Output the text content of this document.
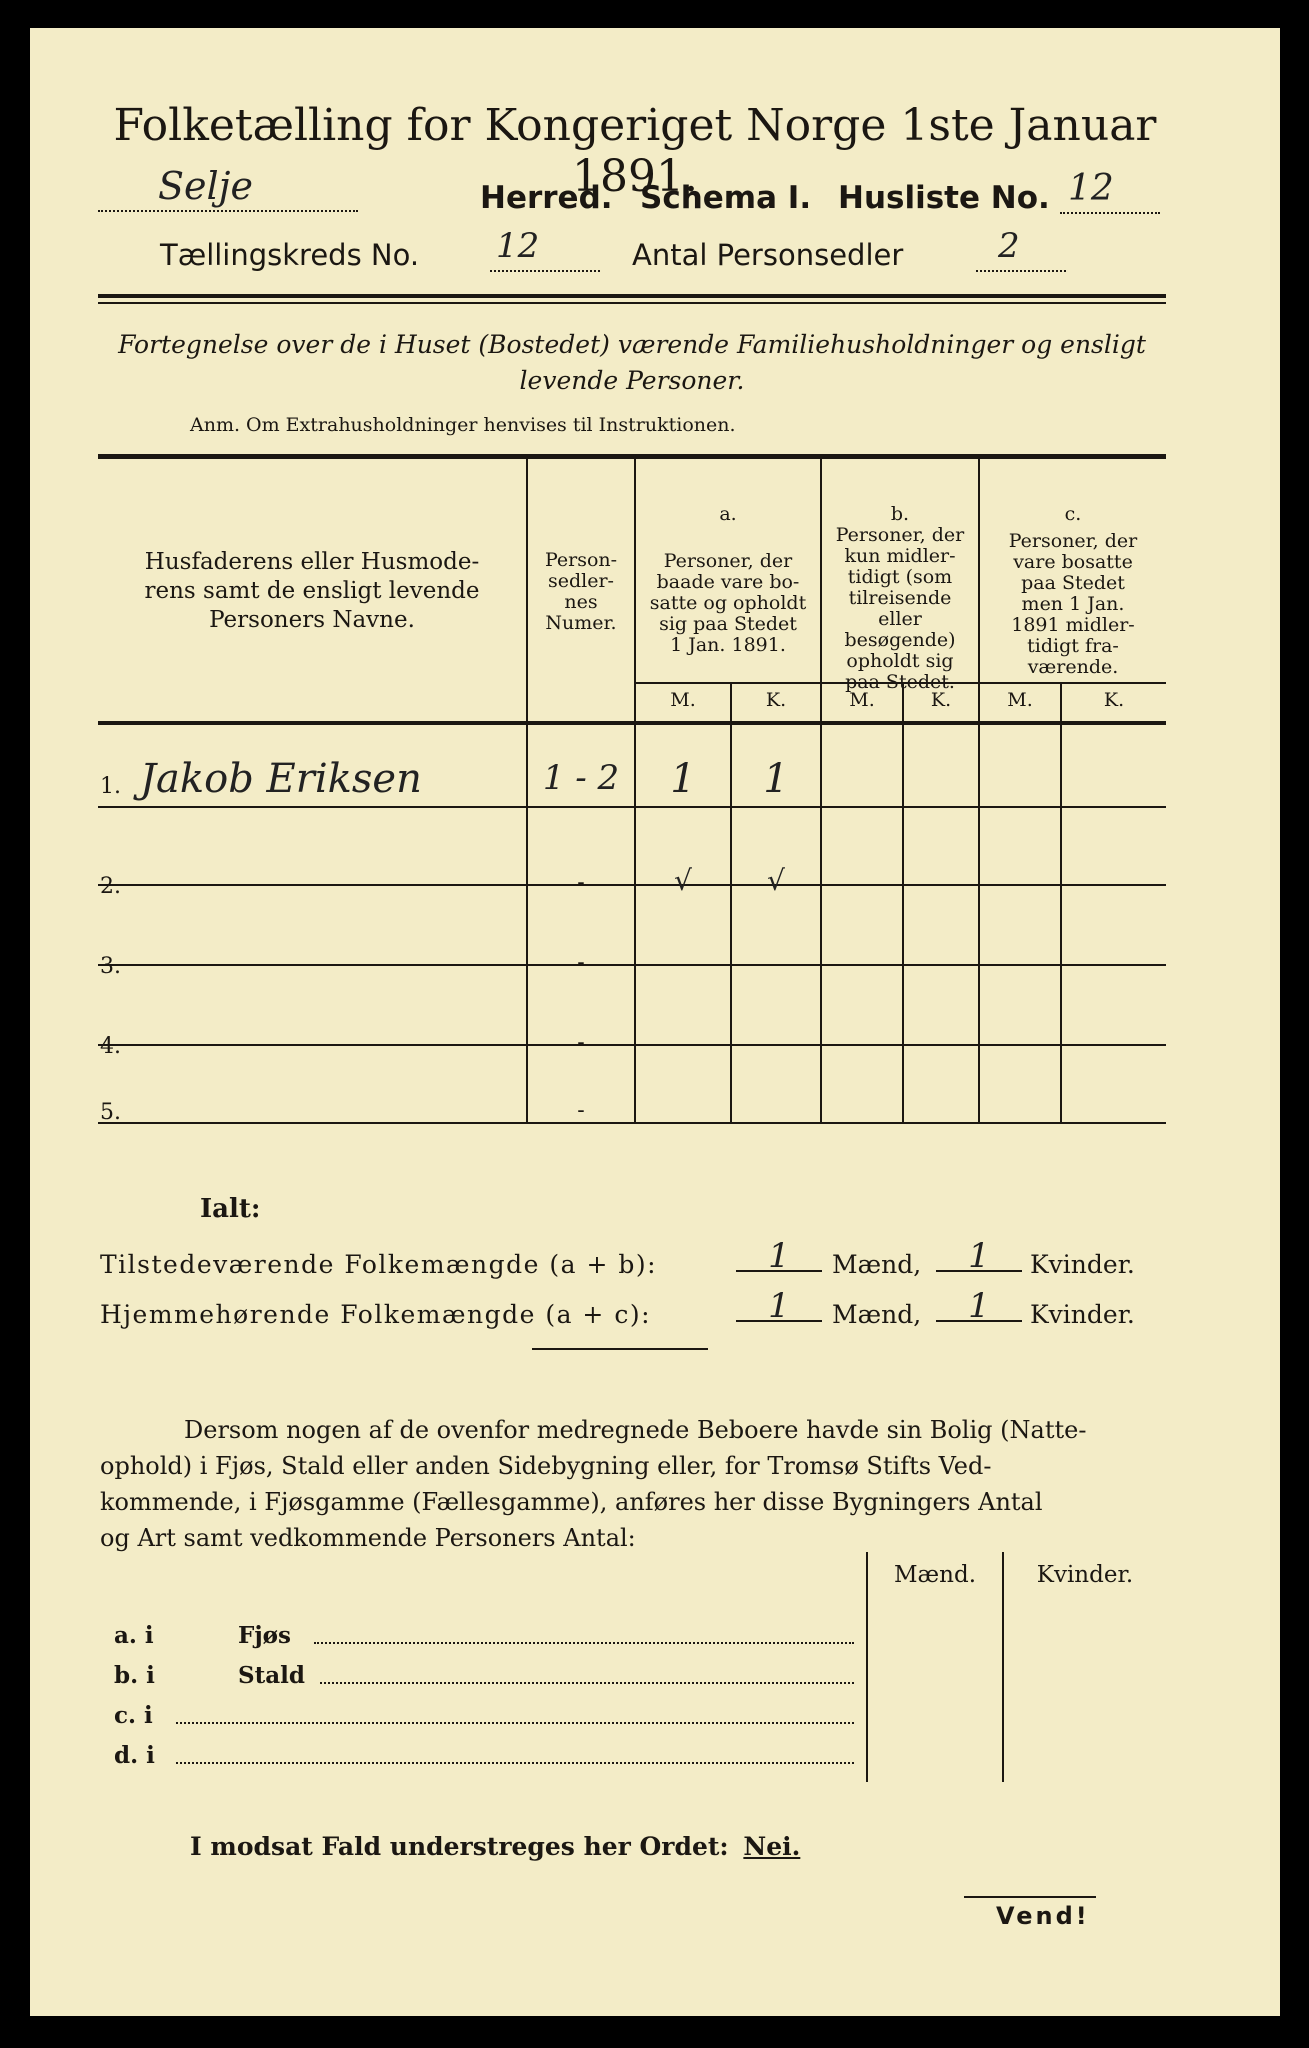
Folketælling for Kongeriget Norge 1ste Januar 1891.
Selje	Herred. Schema I. Husliste No. 12
Tællingskreds No. 12	Antal Personsedler	2
Fortegnelse over de i Huset (Bostedet) værende Familiehusholdninger og ensligt
levende Personer.
Anm. Om Extrahusholdninger henvises til Instruktionen.
Husfaderens eller Husmode-
rens samt de ensligt levende
Personers Navne.
Person-
sedler-
nes
Numer.
a.
Personer, der
baade vare bo-
satte og opholdt
sig paa Stedet
1 Jan. 1891.
b.
Personer, der
kun midler-
tidigt (som
tilreisende
eller
besøgende)
opholdt sig
paa Stedet.
c.
Personer, der
vare bosatte
paa Stedet
men 1 Jan.
1891 midler-
tidigt fra-
værende.
M.	K.	M.	K.	M.	K.
1. Jakob Eriksen	1 - 2	1	1
2.	-	√	√
3.	-
4.	-
5.	-
Ialt:
Tilstedeværende Folkemængde (a + b):	1	Mænd,	1	Kvinder.
Hjemmehørende Folkemængde (a + c):	1	Mænd,	1	Kvinder.
Dersom nogen af de ovenfor medregnede Beboere havde sin Bolig (Natte-
ophold) i Fjøs, Stald eller anden Sidebygning eller, for Tromsø Stifts Ved-
kommende, i Fjøsgamme (Fællesgamme), anføres her disse Bygningers Antal
og Art samt vedkommende Personers Antal:
Mænd.	Kvinder.
a. i	Fjøs
b. i	Stald
c. i
d. i
I modsat Fald understreges her Ordet: Nei.
Vend!
